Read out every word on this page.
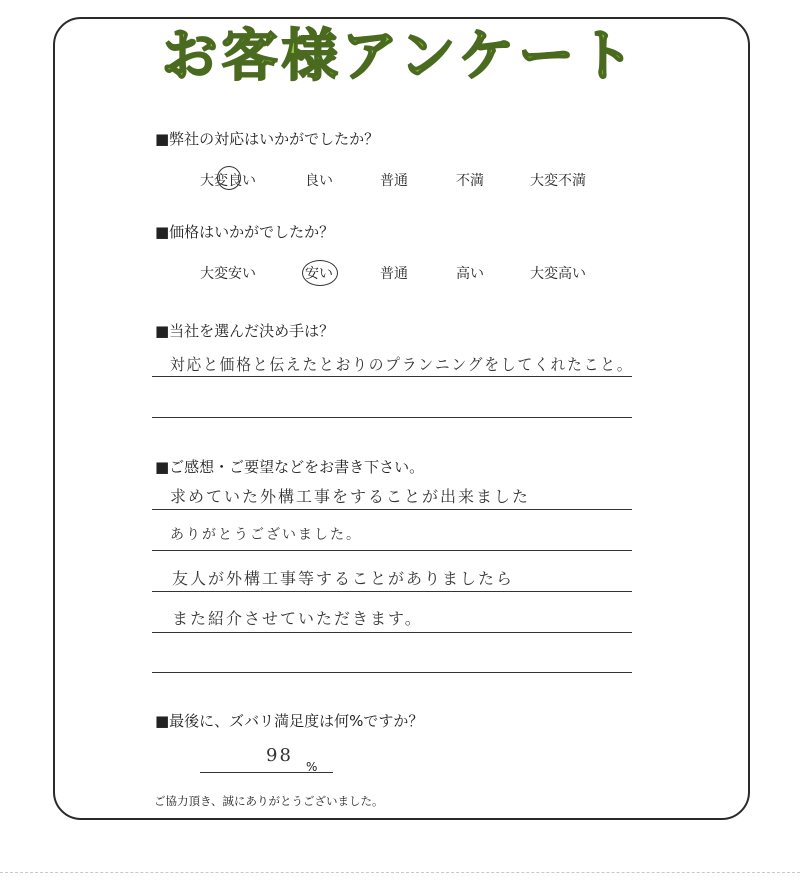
お客様アンケート
■弊社の対応はいかがでしたか？
大変良い	良い	普通	不満	大変不満
■価格はいかがでしたか？
大変安い	安い	普通	高い	大変高い
■当社を選んだ決め手は？
対応と価格と伝えたとおりのプランニングをしてくれたこと。
■ご感想・ご要望などをお書き下さい。
求めていた外構工事をすることが出来ました
ありがとうございました。
友人が外構工事等することがありましたら
また紹介させていただきます。
■最後に、ズバリ満足度は何%ですか？
98
%
ご協力頂き、誠にありがとうございました。
